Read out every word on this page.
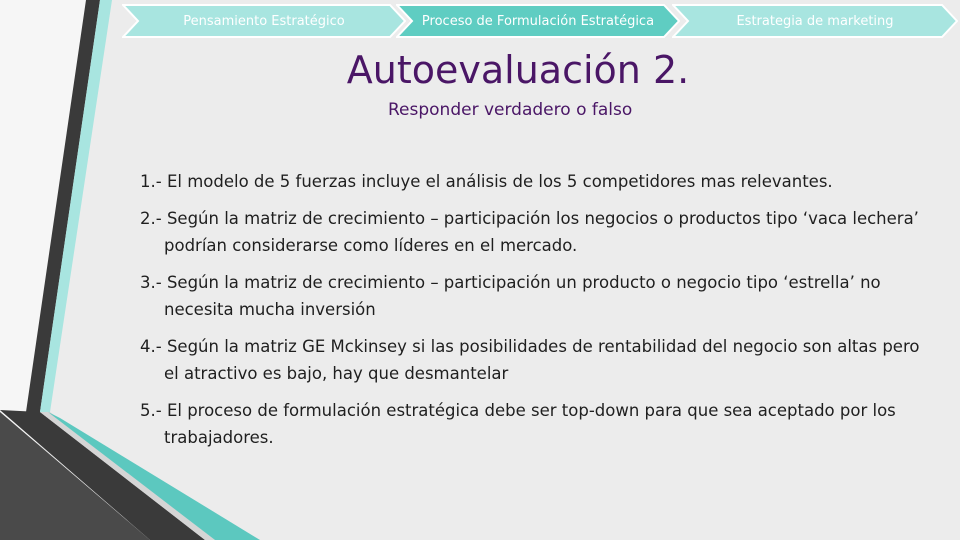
Pensamiento Estratégico	Proceso de Formulación Estratégica	Estrategia de marketing
Autoevaluación 2.
Responder verdadero o falso
1.- El modelo de 5 fuerzas incluye el análisis de los 5 competidores mas relevantes.
2.- Según la matriz de crecimiento – participación los negocios o productos tipo ‘vaca lechera’ podrían considerarse como líderes en el mercado.
3.- Según la matriz de crecimiento – participación un producto o negocio tipo ‘estrella’ no necesita mucha inversión
4.- Según la matriz GE Mckinsey si las posibilidades de rentabilidad del negocio son altas pero el atractivo es bajo, hay que desmantelar
5.- El proceso de formulación estratégica debe ser top-down para que sea aceptado por los trabajadores.
